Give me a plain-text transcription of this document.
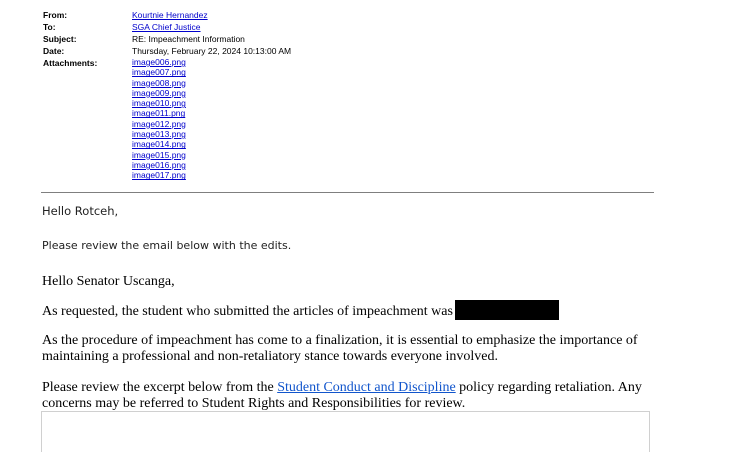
From:	Kourtnie Hernandez
To:	SGA Chief Justice
Subject:	RE: Impeachment Information
Date:	Thursday, February 22, 2024 10:13:00 AM
Attachments:	image006.png
image007.png
image008.png
image009.png
image010.png
image011.png
image012.png
image013.png
image014.png
image015.png
image016.png
image017.png
Hello Rotceh,
Please review the email below with the edits.
Hello Senator Uscanga,
As requested, the student who submitted the articles of impeachment was
As the procedure of impeachment has come to a finalization, it is essential to emphasize the importance of maintaining a professional and non-retaliatory stance towards everyone involved.
Please review the excerpt below from the Student Conduct and Discipline policy regarding retaliation. Any concerns may be referred to Student Rights and Responsibilities for review.
